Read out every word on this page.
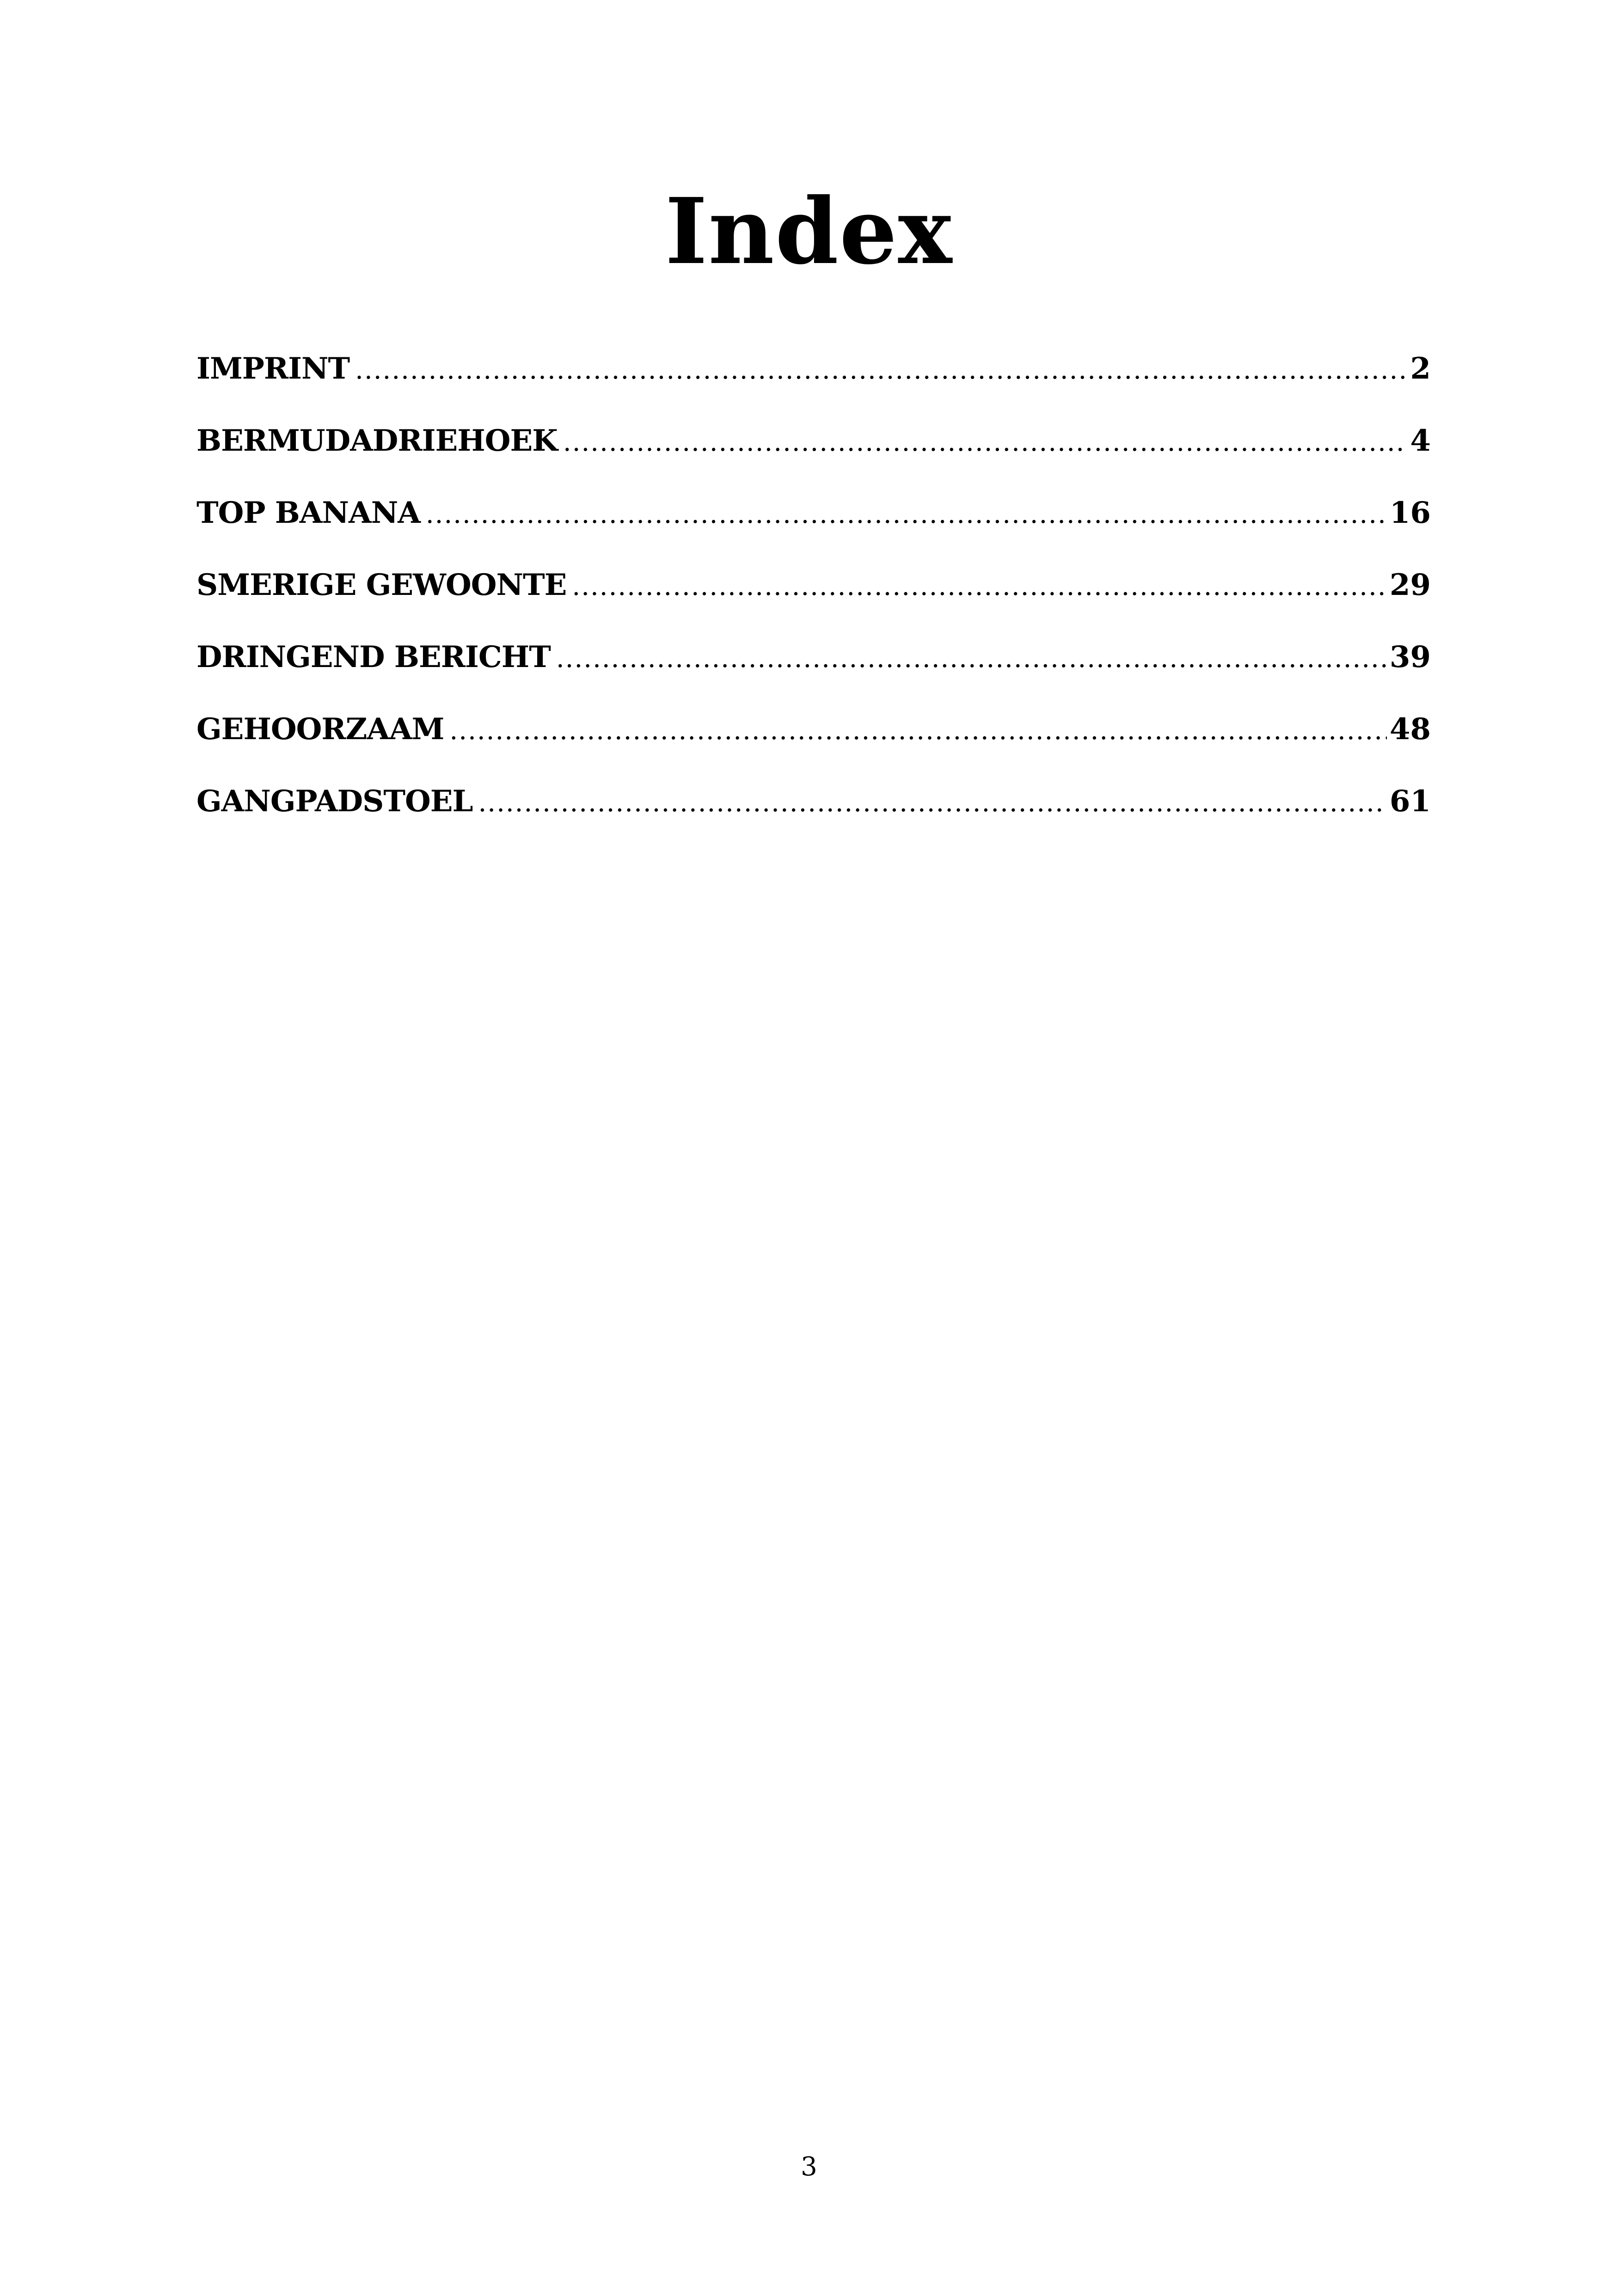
Index
IMPRINT .....	2
BERMUDADRIEHOEK .....	4
TOP BANANA .....	16
SMERIGE GEWOONTE .....	29
DRINGEND BERICHT .....	39
GEHOORZAAM .....	48
GANGPADSTOEL .....	61
3
